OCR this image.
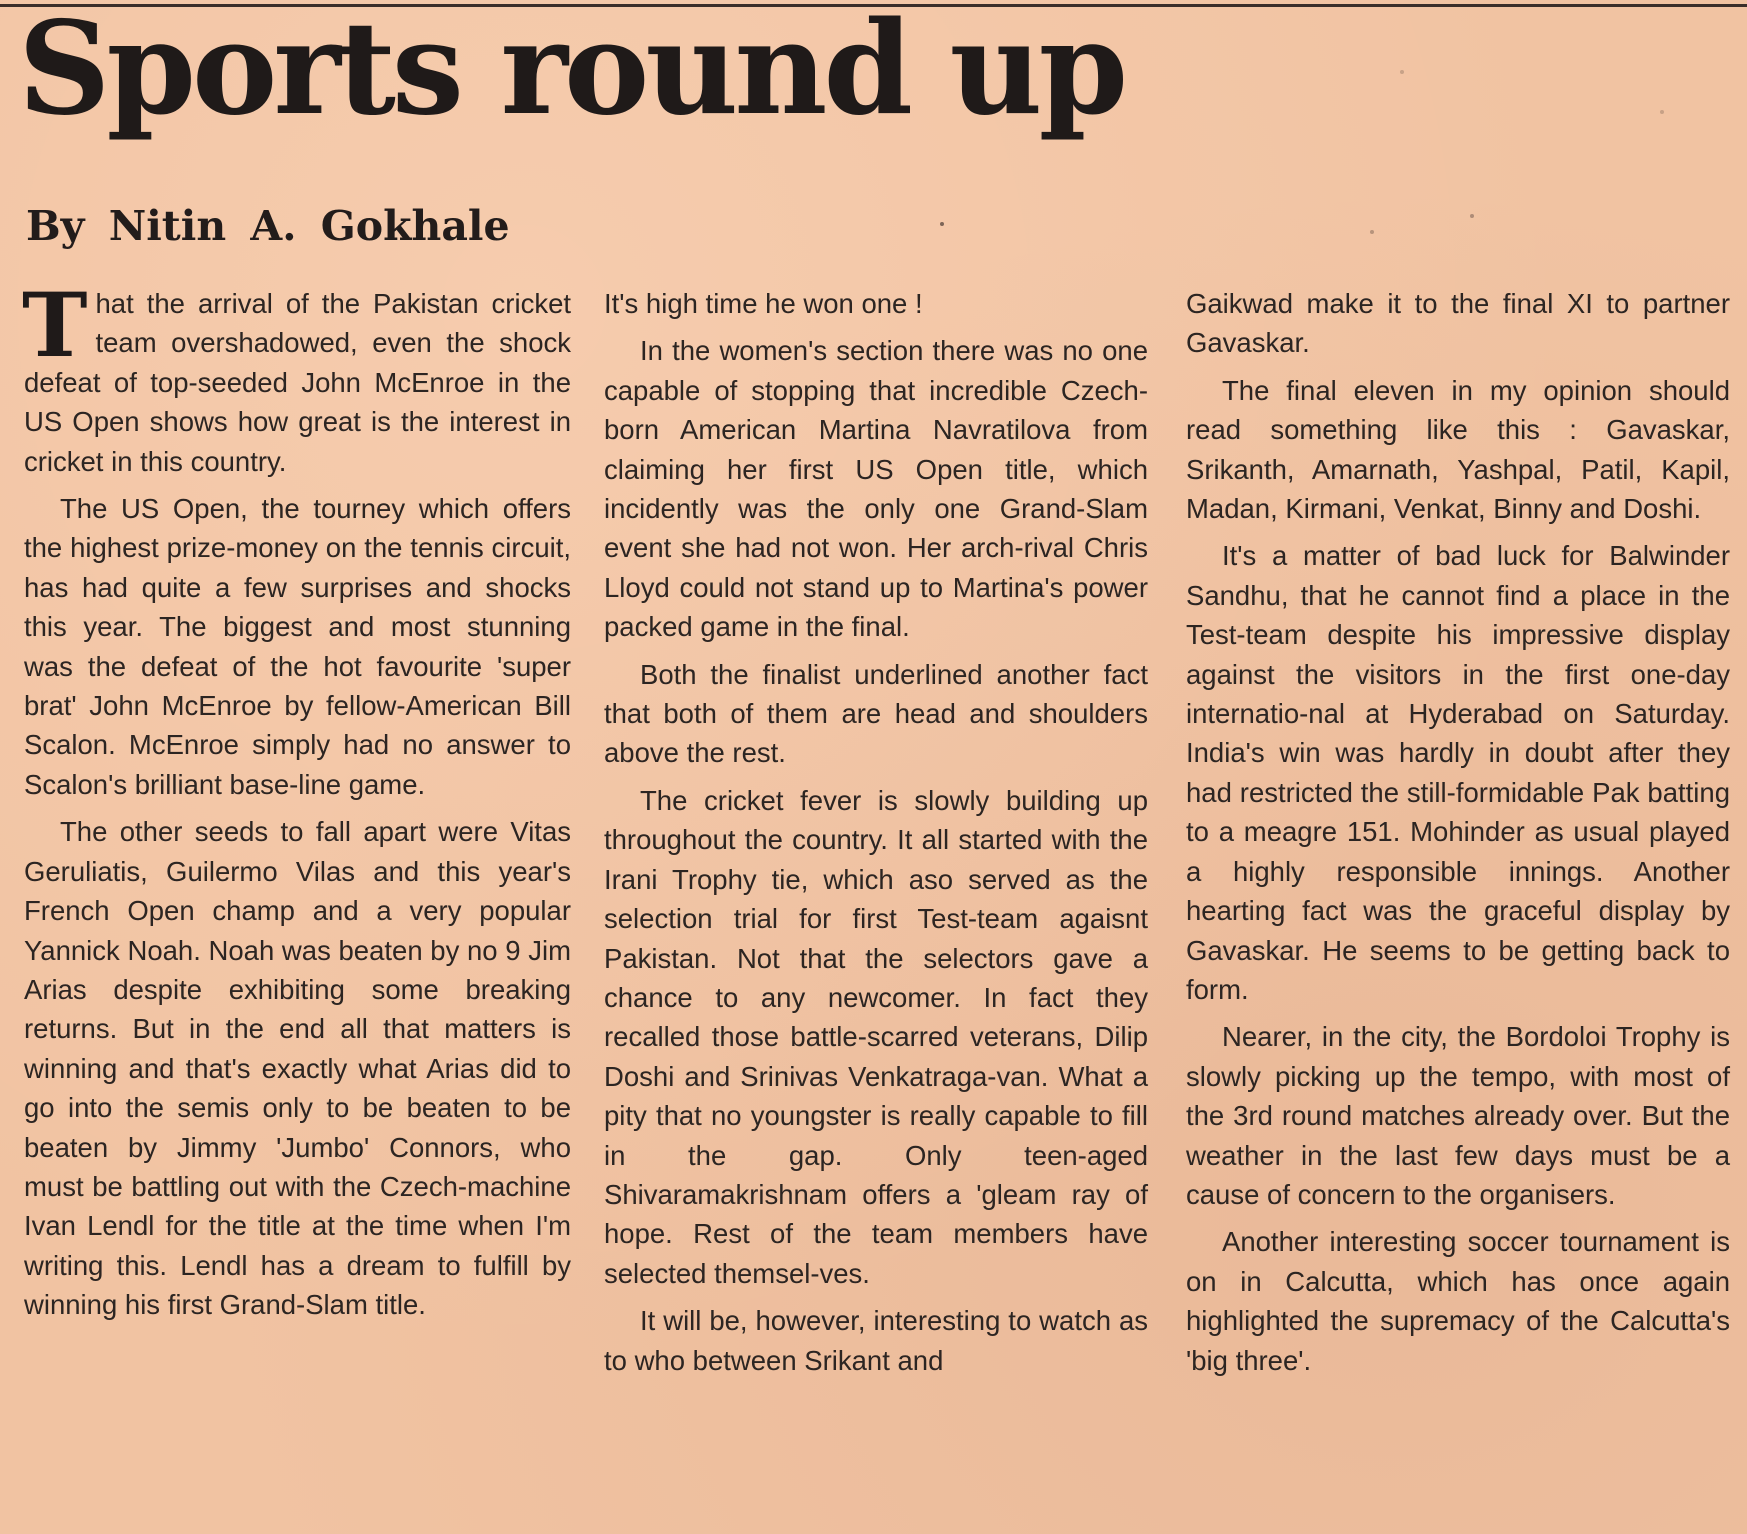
Sports round up
By Nitin A. Gokhale

That the arrival of the Pakistan cricket team overshadowed, even the shock defeat of top-seeded John McEnroe in the US Open shows how great is the interest in cricket in this country.

The US Open, the tourney which offers the highest prize-money on the tennis circuit, has had quite a few surprises and shocks this year. The biggest and most stunning was the defeat of the hot favourite 'super brat' John McEnroe by fellow-American Bill Scalon. McEnroe simply had no answer to Scalon's brilliant base-line game.

The other seeds to fall apart were Vitas Geruliatis, Guilermo Vilas and this year's French Open champ and a very popular Yannick Noah. Noah was beaten by no 9 Jim Arias despite exhibiting some breaking returns. But in the end all that matters is winning and that's exactly what Arias did to go into the semis only to be beaten to be beaten by Jimmy 'Jumbo' Connors, who must be battling out with the Czech-machine Ivan Lendl for the title at the time when I'm writing this. Lendl has a dream to fulfill by winning his first Grand-Slam title.

It's high time he won one !

In the women's section there was no one capable of stopping that incredible Czech-born American Martina Navratilova from claiming her first US Open title, which incidently was the only one Grand-Slam event she had not won. Her arch-rival Chris Lloyd could not stand up to Martina's power packed game in the final.

Both the finalist underlined another fact that both of them are head and shoulders above the rest.

The cricket fever is slowly building up throughout the country. It all started with the Irani Trophy tie, which aso served as the selection trial for first Test-team agaisnt Pakistan. Not that the selectors gave a chance to any newcomer. In fact they recalled those battle-scarred veterans, Dilip Doshi and Srinivas Venkatraga-van. What a pity that no youngster is really capable to fill in the gap. Only teen-aged Shivaramakrishnam offers a 'gleam ray of hope. Rest of the team members have selected themsel-ves.

It will be, however, interesting to watch as to who between Srikant and

Gaikwad make it to the final XI to partner Gavaskar.

The final eleven in my opinion should read something like this : Gavaskar, Srikanth, Amarnath, Yashpal, Patil, Kapil, Madan, Kirmani, Venkat, Binny and Doshi.

It's a matter of bad luck for Balwinder Sandhu, that he cannot find a place in the Test-team despite his impressive display against the visitors in the first one-day internatio-nal at Hyderabad on Saturday. India's win was hardly in doubt after they had restricted the still-formidable Pak batting to a meagre 151. Mohinder as usual played a highly responsible innings. Another hearting fact was the graceful display by Gavaskar. He seems to be getting back to form.

Nearer, in the city, the Bordoloi Trophy is slowly picking up the tempo, with most of the 3rd round matches already over. But the weather in the last few days must be a cause of concern to the organisers.

Another interesting soccer tournament is on in Calcutta, which has once again highlighted the supremacy of the Calcutta's 'big three'.
